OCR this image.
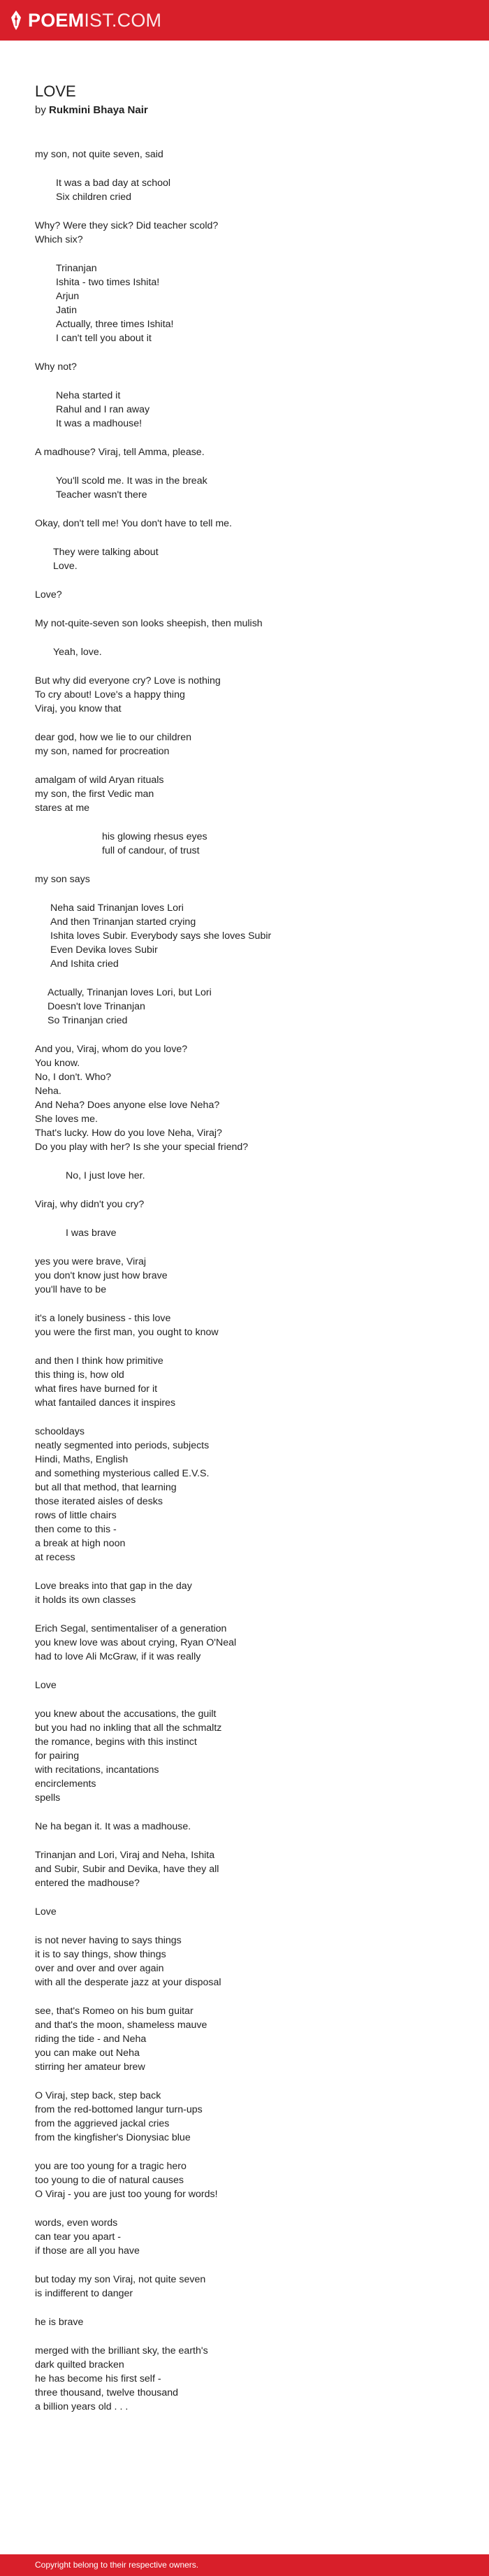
POEMIST.COM
LOVE
by Rukmini Bhaya Nair
my son, not quite seven, said
It was a bad day at school
Six children cried
Why? Were they sick? Did teacher scold?
Which six?
Trinanjan
Ishita - two times Ishita!
Arjun
Jatin
Actually, three times Ishita!
I can't tell you about it
Why not?
Neha started it
Rahul and I ran away
It was a madhouse!
A madhouse? Viraj, tell Amma, please.
You'll scold me. It was in the break
Teacher wasn't there
Okay, don't tell me! You don't have to tell me.
They were talking about
Love.
Love?
My not-quite-seven son looks sheepish, then mulish
Yeah, love.
But why did everyone cry? Love is nothing
To cry about! Love's a happy thing
Viraj, you know that
dear god, how we lie to our children
my son, named for procreation
amalgam of wild Aryan rituals
my son, the first Vedic man
stares at me
his glowing rhesus eyes
full of candour, of trust
my son says
Neha said Trinanjan loves Lori
And then Trinanjan started crying
Ishita loves Subir. Everybody says she loves Subir
Even Devika loves Subir
And Ishita cried
Actually, Trinanjan loves Lori, but Lori
Doesn't love Trinanjan
So Trinanjan cried
And you, Viraj, whom do you love?
You know.
No, I don't. Who?
Neha.
And Neha? Does anyone else love Neha?
She loves me.
That's lucky. How do you love Neha, Viraj?
Do you play with her? Is she your special friend?
No, I just love her.
Viraj, why didn't you cry?
I was brave
yes you were brave, Viraj
you don't know just how brave
you'll have to be
it's a lonely business - this love
you were the first man, you ought to know
and then I think how primitive
this thing is, how old
what fires have burned for it
what fantailed dances it inspires
schooldays
neatly segmented into periods, subjects
Hindi, Maths, English
and something mysterious called E.V.S.
but all that method, that learning
those iterated aisles of desks
rows of little chairs
then come to this -
a break at high noon
at recess
Love breaks into that gap in the day
it holds its own classes
Erich Segal, sentimentaliser of a generation
you knew love was about crying, Ryan O'Neal
had to love Ali McGraw, if it was really
Love
you knew about the accusations, the guilt
but you had no inkling that all the schmaltz
the romance, begins with this instinct
for pairing
with recitations, incantations
encirclements
spells
Ne ha began it. It was a madhouse.
Trinanjan and Lori, Viraj and Neha, Ishita
and Subir, Subir and Devika, have they all
entered the madhouse?
Love
is not never having to says things
it is to say things, show things
over and over and over again
with all the desperate jazz at your disposal
see, that's Romeo on his bum guitar
and that's the moon, shameless mauve
riding the tide - and Neha
you can make out Neha
stirring her amateur brew
O Viraj, step back, step back
from the red-bottomed langur turn-ups
from the aggrieved jackal cries
from the kingfisher's Dionysiac blue
you are too young for a tragic hero
too young to die of natural causes
O Viraj - you are just too young for words!
words, even words
can tear you apart -
if those are all you have
but today my son Viraj, not quite seven
is indifferent to danger
he is brave
merged with the brilliant sky, the earth's
dark quilted bracken
he has become his first self -
three thousand, twelve thousand
a billion years old . . .
Copyright belong to their respective owners.
